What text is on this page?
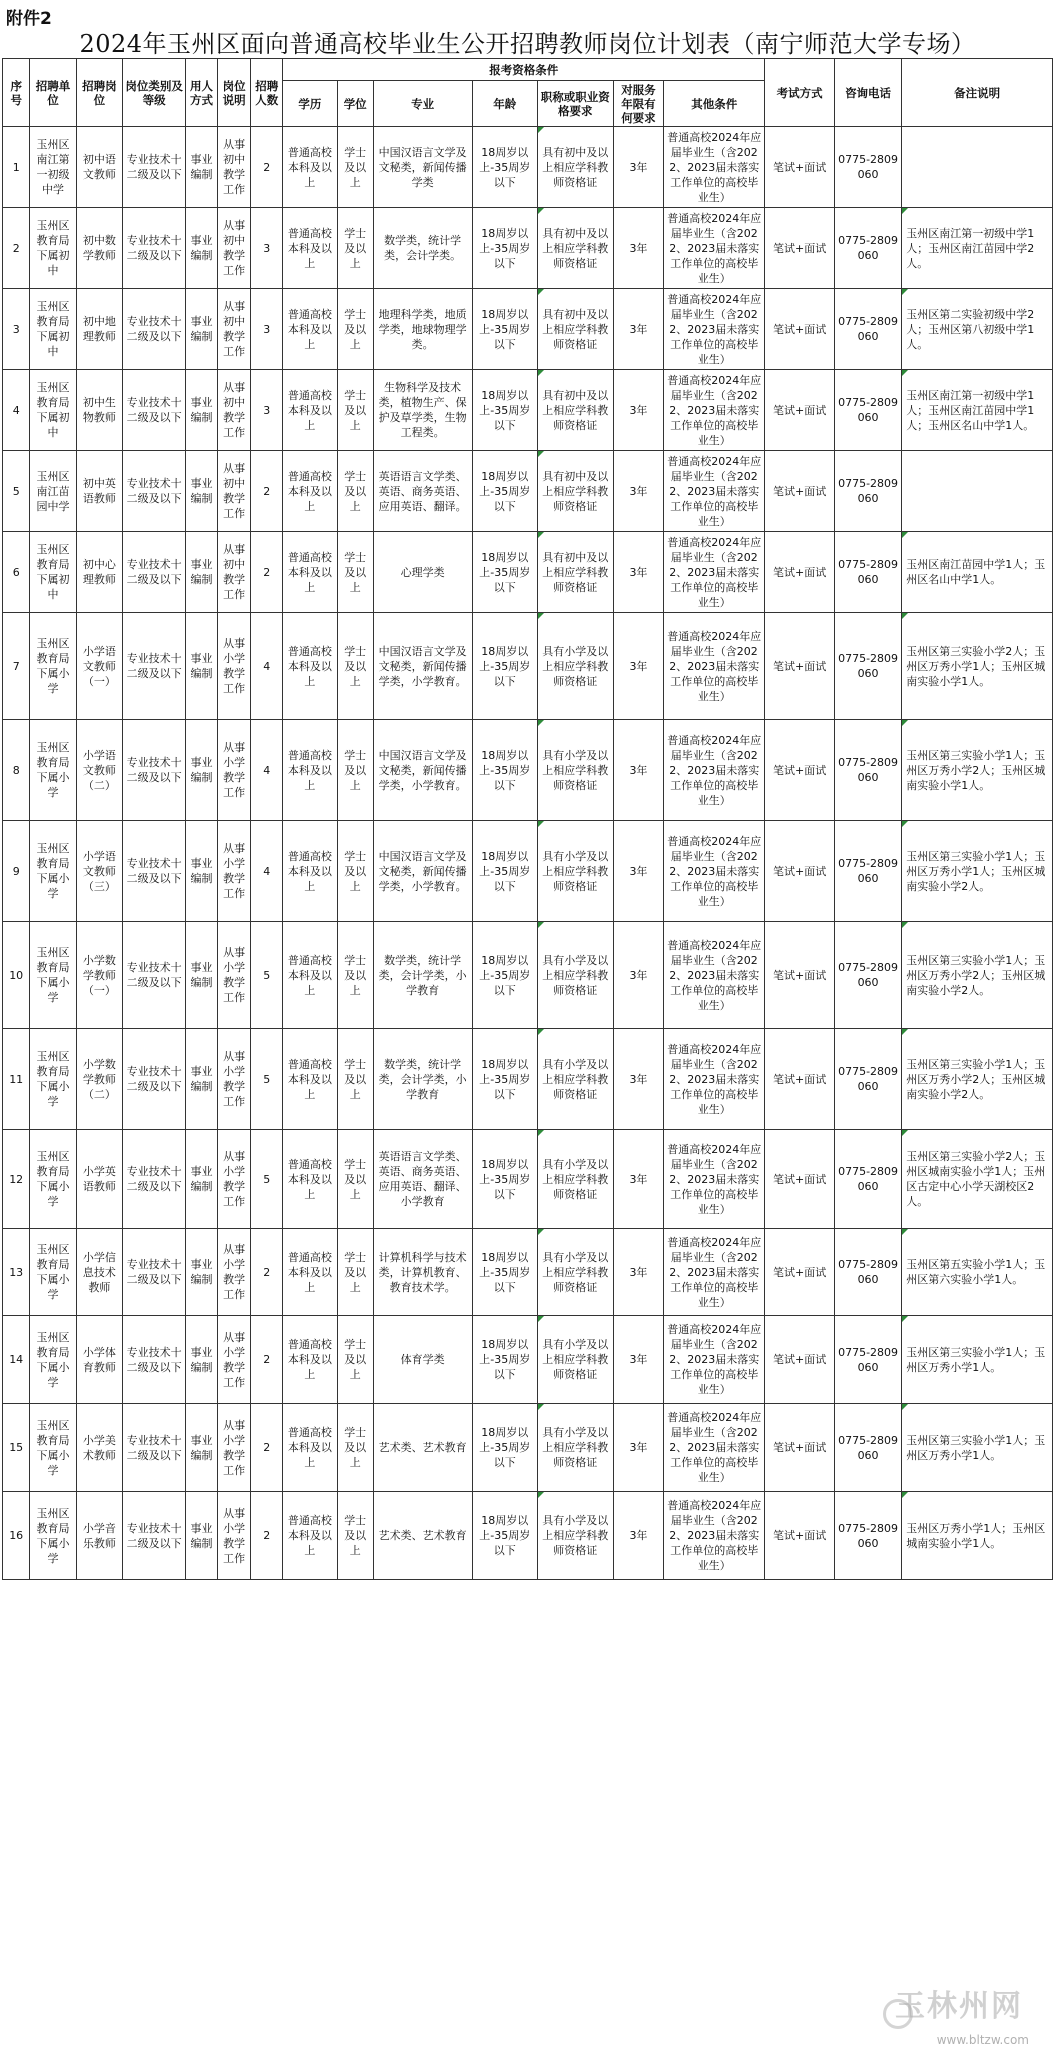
附件2
2024年玉州区面向普通高校毕业生公开招聘教师岗位计划表（南宁师范大学专场）
序号	招聘单位	招聘岗位	岗位类别及等级	用人方式	岗位说明	招聘人数	报考资格条件							考试方式	咨询电话	备注说明
							学历	学位	专业	年龄	职称或职业资格要求	对服务年限有何要求	其他条件			
1	玉州区南江第一初级中学	初中语文教师	专业技术十二级及以下	事业编制	从事初中教学工作	2	普通高校本科及以上	学士及以上	中国汉语言文学及文秘类，新闻传播学类	18周岁以上-35周岁以下	具有初中及以上相应学科教师资格证	3年	普通高校2024年应届毕业生（含2022、2023届未落实工作单位的高校毕业生）	笔试+面试	0775-2809060	
2	玉州区教育局下属初中	初中数学教师	专业技术十二级及以下	事业编制	从事初中教学工作	3	普通高校本科及以上	学士及以上	数学类，统计学类，会计学类。	18周岁以上-35周岁以下	具有初中及以上相应学科教师资格证	3年	普通高校2024年应届毕业生（含2022、2023届未落实工作单位的高校毕业生）	笔试+面试	0775-2809060	玉州区南江第一初级中学1人；玉州区南江苗园中学2人。
3	玉州区教育局下属初中	初中地理教师	专业技术十二级及以下	事业编制	从事初中教学工作	3	普通高校本科及以上	学士及以上	地理科学类，地质学类，地球物理学类。	18周岁以上-35周岁以下	具有初中及以上相应学科教师资格证	3年	普通高校2024年应届毕业生（含2022、2023届未落实工作单位的高校毕业生）	笔试+面试	0775-2809060	玉州区第二实验初级中学2人；玉州区第八初级中学1人。
4	玉州区教育局下属初中	初中生物教师	专业技术十二级及以下	事业编制	从事初中教学工作	3	普通高校本科及以上	学士及以上	生物科学及技术类，植物生产、保护及草学类，生物工程类。	18周岁以上-35周岁以下	具有初中及以上相应学科教师资格证	3年	普通高校2024年应届毕业生（含2022、2023届未落实工作单位的高校毕业生）	笔试+面试	0775-2809060	玉州区南江第一初级中学1人；玉州区南江苗园中学1人；玉州区名山中学1人。
5	玉州区南江苗园中学	初中英语教师	专业技术十二级及以下	事业编制	从事初中教学工作	2	普通高校本科及以上	学士及以上	英语语言文学类、英语、商务英语、应用英语、翻译。	18周岁以上-35周岁以下	具有初中及以上相应学科教师资格证	3年	普通高校2024年应届毕业生（含2022、2023届未落实工作单位的高校毕业生）	笔试+面试	0775-2809060	
6	玉州区教育局下属初中	初中心理教师	专业技术十二级及以下	事业编制	从事初中教学工作	2	普通高校本科及以上	学士及以上	心理学类	18周岁以上-35周岁以下	具有初中及以上相应学科教师资格证	3年	普通高校2024年应届毕业生（含2022、2023届未落实工作单位的高校毕业生）	笔试+面试	0775-2809060	玉州区南江苗园中学1人；玉州区名山中学1人。
7	玉州区教育局下属小学	小学语文教师（一）	专业技术十二级及以下	事业编制	从事小学教学工作	4	普通高校本科及以上	学士及以上	中国汉语言文学及文秘类，新闻传播学类，小学教育。	18周岁以上-35周岁以下	具有小学及以上相应学科教师资格证	3年	普通高校2024年应届毕业生（含2022、2023届未落实工作单位的高校毕业生）	笔试+面试	0775-2809060	玉州区第三实验小学2人；玉州区万秀小学1人；玉州区城南实验小学1人。
8	玉州区教育局下属小学	小学语文教师（二）	专业技术十二级及以下	事业编制	从事小学教学工作	4	普通高校本科及以上	学士及以上	中国汉语言文学及文秘类，新闻传播学类，小学教育。	18周岁以上-35周岁以下	具有小学及以上相应学科教师资格证	3年	普通高校2024年应届毕业生（含2022、2023届未落实工作单位的高校毕业生）	笔试+面试	0775-2809060	玉州区第三实验小学1人；玉州区万秀小学2人；玉州区城南实验小学1人。
9	玉州区教育局下属小学	小学语文教师（三）	专业技术十二级及以下	事业编制	从事小学教学工作	4	普通高校本科及以上	学士及以上	中国汉语言文学及文秘类，新闻传播学类，小学教育。	18周岁以上-35周岁以下	具有小学及以上相应学科教师资格证	3年	普通高校2024年应届毕业生（含2022、2023届未落实工作单位的高校毕业生）	笔试+面试	0775-2809060	玉州区第三实验小学1人；玉州区万秀小学1人；玉州区城南实验小学2人。
10	玉州区教育局下属小学	小学数学教师（一）	专业技术十二级及以下	事业编制	从事小学教学工作	5	普通高校本科及以上	学士及以上	数学类，统计学类，会计学类，小学教育	18周岁以上-35周岁以下	具有小学及以上相应学科教师资格证	3年	普通高校2024年应届毕业生（含2022、2023届未落实工作单位的高校毕业生）	笔试+面试	0775-2809060	玉州区第三实验小学1人；玉州区万秀小学2人；玉州区城南实验小学2人。
11	玉州区教育局下属小学	小学数学教师（二）	专业技术十二级及以下	事业编制	从事小学教学工作	5	普通高校本科及以上	学士及以上	数学类，统计学类，会计学类，小学教育	18周岁以上-35周岁以下	具有小学及以上相应学科教师资格证	3年	普通高校2024年应届毕业生（含2022、2023届未落实工作单位的高校毕业生）	笔试+面试	0775-2809060	玉州区第三实验小学1人；玉州区万秀小学2人；玉州区城南实验小学2人。
12	玉州区教育局下属小学	小学英语教师	专业技术十二级及以下	事业编制	从事小学教学工作	5	普通高校本科及以上	学士及以上	英语语言文学类、英语、商务英语、应用英语、翻译、小学教育	18周岁以上-35周岁以下	具有小学及以上相应学科教师资格证	3年	普通高校2024年应届毕业生（含2022、2023届未落实工作单位的高校毕业生）	笔试+面试	0775-2809060	玉州区第三实验小学2人；玉州区城南实验小学1人；玉州区古定中心小学天湖校区2人。
13	玉州区教育局下属小学	小学信息技术教师	专业技术十二级及以下	事业编制	从事小学教学工作	2	普通高校本科及以上	学士及以上	计算机科学与技术类，计算机教育、教育技术学。	18周岁以上-35周岁以下	具有小学及以上相应学科教师资格证	3年	普通高校2024年应届毕业生（含2022、2023届未落实工作单位的高校毕业生）	笔试+面试	0775-2809060	玉州区第五实验小学1人；玉州区第六实验小学1人。
14	玉州区教育局下属小学	小学体育教师	专业技术十二级及以下	事业编制	从事小学教学工作	2	普通高校本科及以上	学士及以上	体育学类	18周岁以上-35周岁以下	具有小学及以上相应学科教师资格证	3年	普通高校2024年应届毕业生（含2022、2023届未落实工作单位的高校毕业生）	笔试+面试	0775-2809060	玉州区第三实验小学1人；玉州区万秀小学1人。
15	玉州区教育局下属小学	小学美术教师	专业技术十二级及以下	事业编制	从事小学教学工作	2	普通高校本科及以上	学士及以上	艺术类、艺术教育	18周岁以上-35周岁以下	具有小学及以上相应学科教师资格证	3年	普通高校2024年应届毕业生（含2022、2023届未落实工作单位的高校毕业生）	笔试+面试	0775-2809060	玉州区第三实验小学1人；玉州区万秀小学1人。
16	玉州区教育局下属小学	小学音乐教师	专业技术十二级及以下	事业编制	从事小学教学工作	2	普通高校本科及以上	学士及以上	艺术类、艺术教育	18周岁以上-35周岁以下	具有小学及以上相应学科教师资格证	3年	普通高校2024年应届毕业生（含2022、2023届未落实工作单位的高校毕业生）	笔试+面试	0775-2809060	玉州区万秀小学1人；玉州区城南实验小学1人。
玉林州网
www.bltzw.com
